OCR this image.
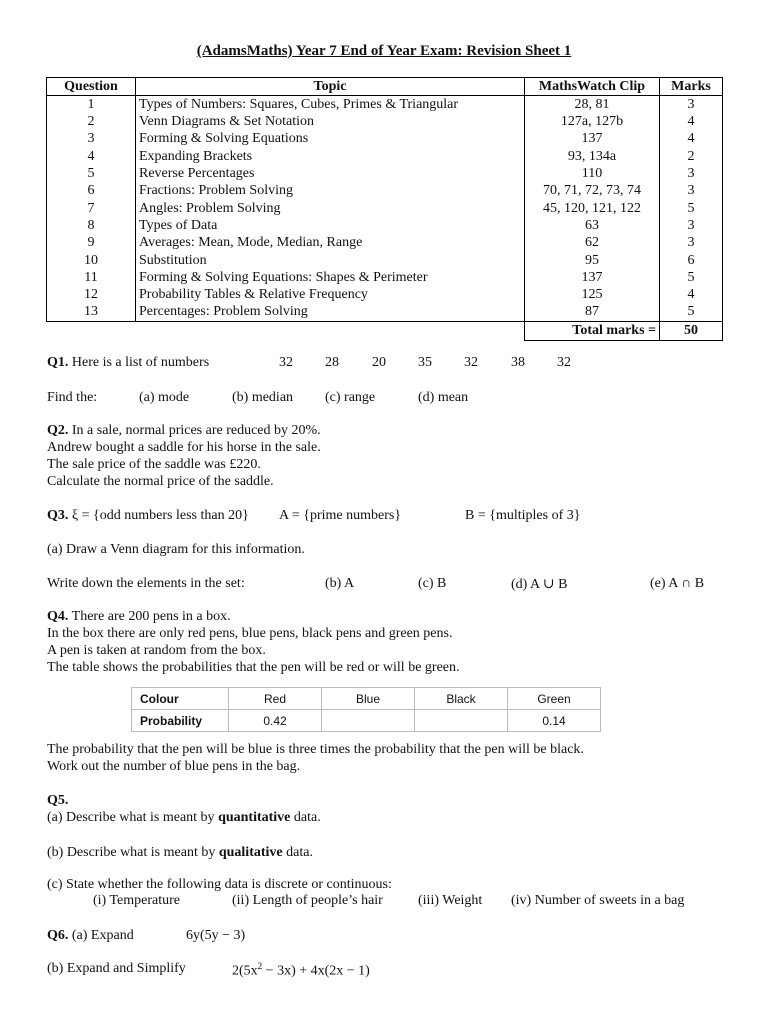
(AdamsMaths) Year 7 End of Year Exam: Revision Sheet 1
Question	Topic	MathsWatch Clip	Marks
1	Types of Numbers: Squares, Cubes, Primes & Triangular	28, 81	3
2	Venn Diagrams & Set Notation	127a, 127b	4
3	Forming & Solving Equations	137	4
4	Expanding Brackets	93, 134a	2
5	Reverse Percentages	110	3
6	Fractions: Problem Solving	70, 71, 72, 73, 74	3
7	Angles: Problem Solving	45, 120, 121, 122	5
8	Types of Data	63	3
9	Averages: Mean, Mode, Median, Range	62	3
10	Substitution	95	6
11	Forming & Solving Equations: Shapes & Perimeter	137	5
12	Probability Tables & Relative Frequency	125	4
13	Percentages: Problem Solving	87	5
		Total marks =	50
Q1. Here is a list of numbers	32 28 20 35 32 38 32
Find the:	(a) mode	(b) median (c) range	(d) mean
Q2. In a sale, normal prices are reduced by 20%.
Andrew bought a saddle for his horse in the sale.
The sale price of the saddle was £220.
Calculate the normal price of the saddle.
Q3. ξ = {odd numbers less than 20} A = {prime numbers}	B = {multiples of 3}
(a) Draw a Venn diagram for this information.
Write down the elements in the set:	(b) A	(c) B	(d) A ∪ B	(e) A ∩ B
Q4. There are 200 pens in a box.
In the box there are only red pens, blue pens, black pens and green pens.
A pen is taken at random from the box.
The table shows the probabilities that the pen will be red or will be green.
Colour	Red	Blue	Black	Green
Probability	0.42			0.14
The probability that the pen will be blue is three times the probability that the pen will be black.
Work out the number of blue pens in the bag.
Q5.
(a) Describe what is meant by quantitative data.
(b) Describe what is meant by qualitative data.
(c) State whether the following data is discrete or continuous:
(i) Temperature	(ii) Length of people’s hair	(iii) Weight (iv) Number of sweets in a bag
Q6. (a) Expand	6y(5y − 3)
(b) Expand and Simplify	$2(5x^2 - 3x) + 4x(2x - 1)$
